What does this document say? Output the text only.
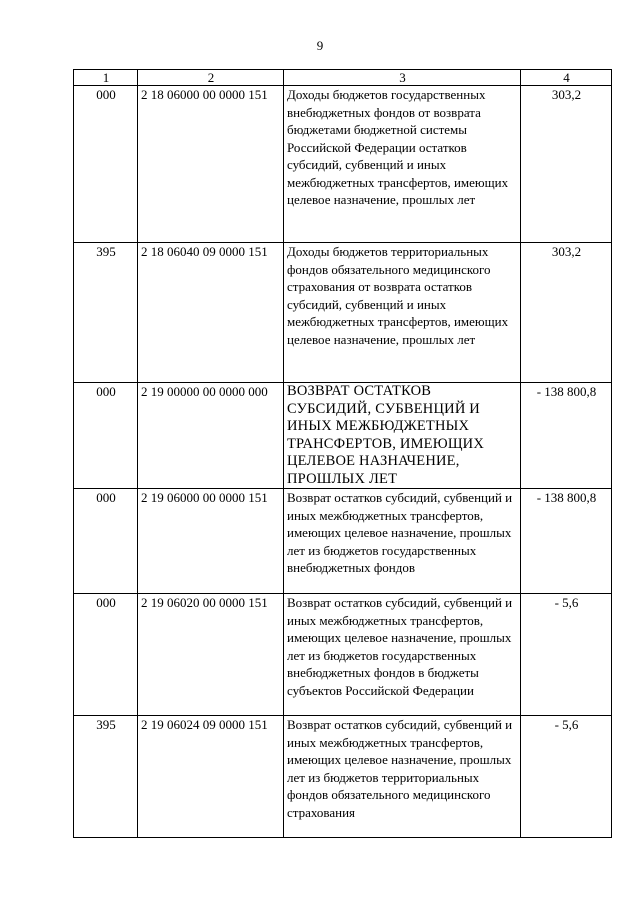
9
1	2	3	4
000	2 18 06000 00 0000 151	Доходы бюджетов государственных внебюджетных фондов от возврата бюджетами бюджетной системы Российской Федерации остатков субсидий, субвенций и иных межбюджетных трансфертов, имеющих целевое назначение, прошлых лет	303,2
395	2 18 06040 09 0000 151	Доходы бюджетов территориальных фондов обязательного медицинского страхования от возврата остатков субсидий, субвенций и иных межбюджетных трансфертов, имеющих целевое назначение, прошлых лет	303,2
000	2 19 00000 00 0000 000	ВОЗВРАТ ОСТАТКОВ СУБСИДИЙ, СУБВЕНЦИЙ И ИНЫХ МЕЖБЮДЖЕТНЫХ ТРАНСФЕРТОВ, ИМЕЮЩИХ ЦЕЛЕВОЕ НАЗНАЧЕНИЕ, ПРОШЛЫХ ЛЕТ	- 138 800,8
000	2 19 06000 00 0000 151	Возврат остатков субсидий, субвенций и иных межбюджетных трансфертов, имеющих целевое назначение, прошлых лет из бюджетов государственных внебюджетных фондов	- 138 800,8
000	2 19 06020 00 0000 151	Возврат остатков субсидий, субвенций и иных межбюджетных трансфертов, имеющих целевое назначение, прошлых лет из бюджетов государственных внебюджетных фондов в бюджеты субъектов Российской Федерации	- 5,6
395	2 19 06024 09 0000 151	Возврат остатков субсидий, субвенций и иных межбюджетных трансфертов, имеющих целевое назначение, прошлых лет из бюджетов территориальных фондов обязательного медицинского страхования	- 5,6
